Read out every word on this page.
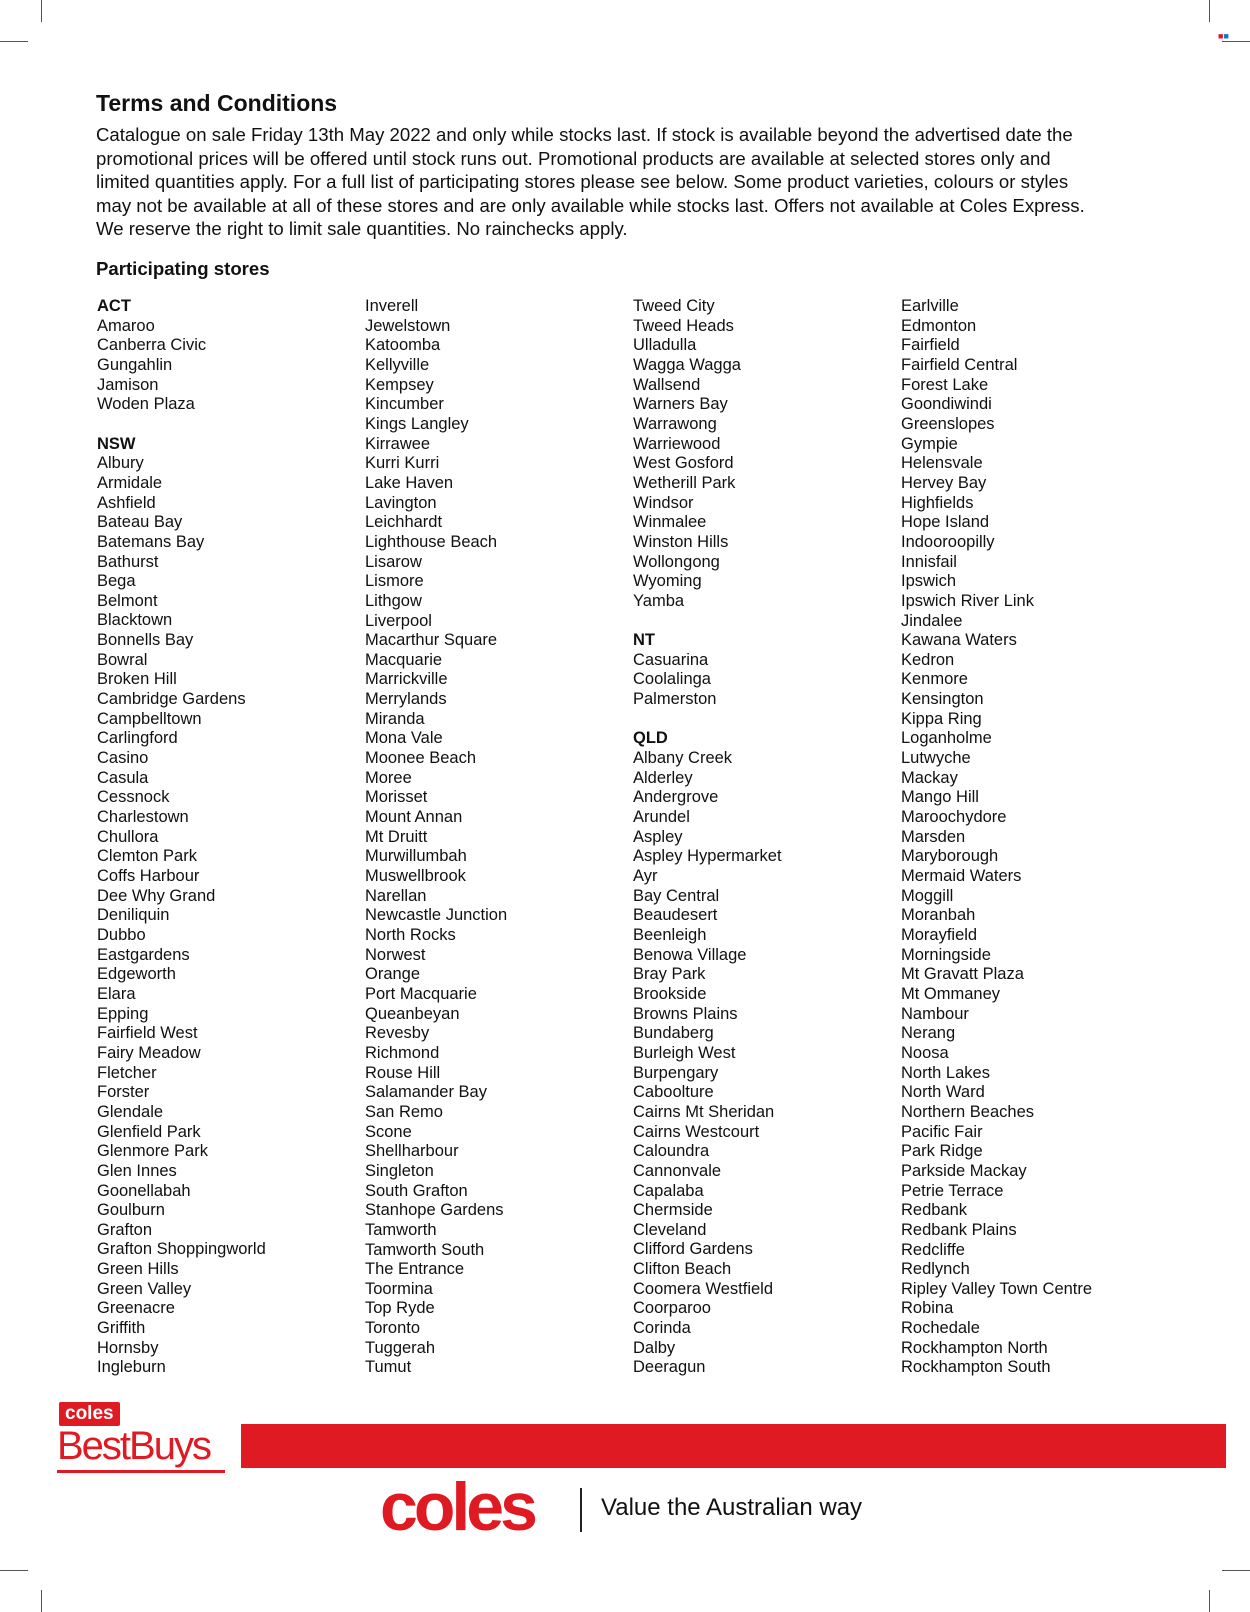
■■
Terms and Conditions
Catalogue on sale Friday 13th May 2022 and only while stocks last. If stock is available beyond the advertised date the
promotional prices will be offered until stock runs out. Promotional products are available at selected stores only and
limited quantities apply. For a full list of participating stores please see below. Some product varieties, colours or styles
may not be available at all of these stores and are only available while stocks last. Offers not available at Coles Express.
We reserve the right to limit sale quantities. No rainchecks apply.
Participating stores
ACT
Amaroo
Canberra Civic
Gungahlin
Jamison
Woden Plaza
NSW
Albury
Armidale
Ashfield
Bateau Bay
Batemans Bay
Bathurst
Bega
Belmont
Blacktown
Bonnells Bay
Bowral
Broken Hill
Cambridge Gardens
Campbelltown
Carlingford
Casino
Casula
Cessnock
Charlestown
Chullora
Clemton Park
Coffs Harbour
Dee Why Grand
Deniliquin
Dubbo
Eastgardens
Edgeworth
Elara
Epping
Fairfield West
Fairy Meadow
Fletcher
Forster
Glendale
Glenfield Park
Glenmore Park
Glen Innes
Goonellabah
Goulburn
Grafton
Grafton Shoppingworld
Green Hills
Green Valley
Greenacre
Griffith
Hornsby
Ingleburn
Inverell
Jewelstown
Katoomba
Kellyville
Kempsey
Kincumber
Kings Langley
Kirrawee
Kurri Kurri
Lake Haven
Lavington
Leichhardt
Lighthouse Beach
Lisarow
Lismore
Lithgow
Liverpool
Macarthur Square
Macquarie
Marrickville
Merrylands
Miranda
Mona Vale
Moonee Beach
Moree
Morisset
Mount Annan
Mt Druitt
Murwillumbah
Muswellbrook
Narellan
Newcastle Junction
North Rocks
Norwest
Orange
Port Macquarie
Queanbeyan
Revesby
Richmond
Rouse Hill
Salamander Bay
San Remo
Scone
Shellharbour
Singleton
South Grafton
Stanhope Gardens
Tamworth
Tamworth South
The Entrance
Toormina
Top Ryde
Toronto
Tuggerah
Tumut
Tweed City
Tweed Heads
Ulladulla
Wagga Wagga
Wallsend
Warners Bay
Warrawong
Warriewood
West Gosford
Wetherill Park
Windsor
Winmalee
Winston Hills
Wollongong
Wyoming
Yamba
NT
Casuarina
Coolalinga
Palmerston
QLD
Albany Creek
Alderley
Andergrove
Arundel
Aspley
Aspley Hypermarket
Ayr
Bay Central
Beaudesert
Beenleigh
Benowa Village
Bray Park
Brookside
Browns Plains
Bundaberg
Burleigh West
Burpengary
Caboolture
Cairns Mt Sheridan
Cairns Westcourt
Caloundra
Cannonvale
Capalaba
Chermside
Cleveland
Clifford Gardens
Clifton Beach
Coomera Westfield
Coorparoo
Corinda
Dalby
Deeragun
Earlville
Edmonton
Fairfield
Fairfield Central
Forest Lake
Goondiwindi
Greenslopes
Gympie
Helensvale
Hervey Bay
Highfields
Hope Island
Indooroopilly
Innisfail
Ipswich
Ipswich River Link
Jindalee
Kawana Waters
Kedron
Kenmore
Kensington
Kippa Ring
Loganholme
Lutwyche
Mackay
Mango Hill
Maroochydore
Marsden
Maryborough
Mermaid Waters
Moggill
Moranbah
Morayfield
Morningside
Mt Gravatt Plaza
Mt Ommaney
Nambour
Nerang
Noosa
North Lakes
North Ward
Northern Beaches
Pacific Fair
Park Ridge
Parkside Mackay
Petrie Terrace
Redbank
Redbank Plains
Redcliffe
Redlynch
Ripley Valley Town Centre
Robina
Rochedale
Rockhampton North
Rockhampton South
coles
BestBuys
coles	Value the Australian way
